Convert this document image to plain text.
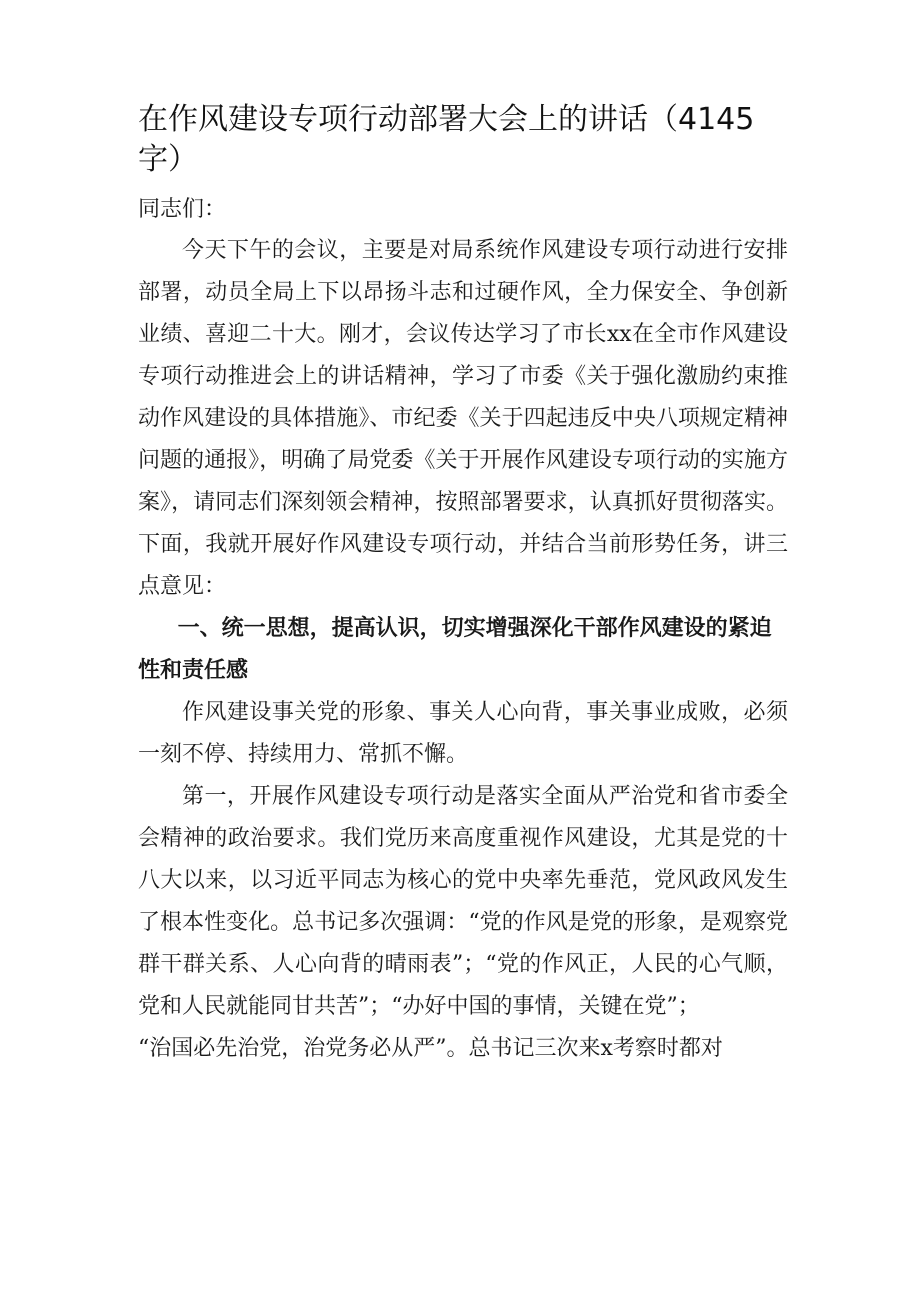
在作风建设专项行动部署大会上的讲话（4145字）

同志们：

今天下午的会议，主要是对局系统作风建设专项行动进行安排部署，动员全局上下以昂扬斗志和过硬作风，全力保安全、争创新业绩、喜迎二十大。刚才，会议传达学习了市长xx在全市作风建设专项行动推进会上的讲话精神，学习了市委《关于强化激励约束推动作风建设的具体措施》、市纪委《关于四起违反中央八项规定精神问题的通报》，明确了局党委《关于开展作风建设专项行动的实施方案》，请同志们深刻领会精神，按照部署要求，认真抓好贯彻落实。下面，我就开展好作风建设专项行动，并结合当前形势任务，讲三点意见：

一、统一思想，提高认识，切实增强深化干部作风建设的紧迫性和责任感

作风建设事关党的形象、事关人心向背，事关事业成败，必须一刻不停、持续用力、常抓不懈。

第一，开展作风建设专项行动是落实全面从严治党和省市委全会精神的政治要求。我们党历来高度重视作风建设，尤其是党的十八大以来，以习近平同志为核心的党中央率先垂范，党风政风发生了根本性变化。总书记多次强调：“党的作风是党的形象，是观察党群干群关系、人心向背的晴雨表”；“党的作风正，人民的心气顺，党和人民就能同甘共苦”；“办好中国的事情，关键在党”；

“治国必先治党，治党务必从严”。总书记三次来x考察时都对
